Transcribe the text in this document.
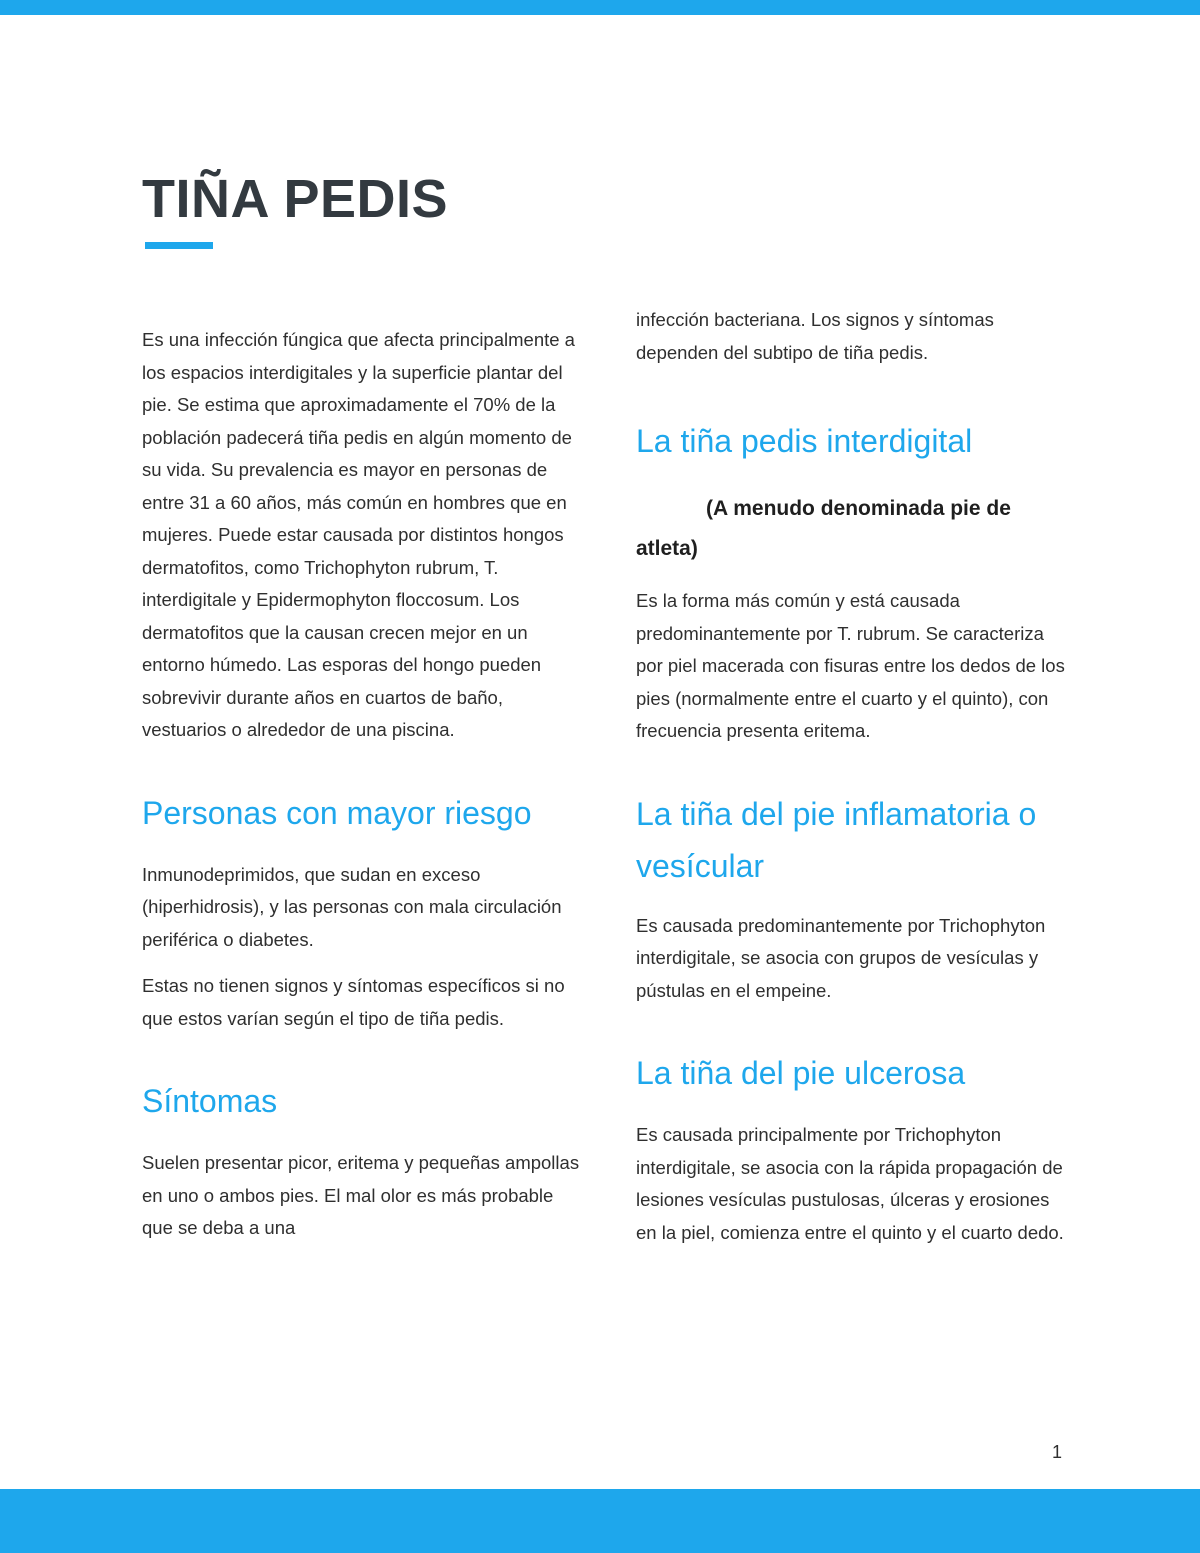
TIÑA PEDIS

Es una infección fúngica que afecta principalmente a los espacios interdigitales y la superficie plantar del pie. Se estima que aproximadamente el 70% de la población padecerá tiña pedis en algún momento de su vida. Su prevalencia es mayor en personas de entre 31 a 60 años, más común en hombres que en mujeres. Puede estar causada por distintos hongos dermatofitos, como Trichophyton rubrum, T. interdigitale y Epidermophyton floccosum. Los dermatofitos que la causan crecen mejor en un entorno húmedo. Las esporas del hongo pueden sobrevivir durante años en cuartos de baño, vestuarios o alrededor de una piscina.

Personas con mayor riesgo

Inmunodeprimidos, que sudan en exceso (hiperhidrosis), y las personas con mala circulación periférica o diabetes.

Estas no tienen signos y síntomas específicos si no que estos varían según el tipo de tiña pedis.

Síntomas

Suelen presentar picor, eritema y pequeñas ampollas en uno o ambos pies. El mal olor es más probable que se deba a una

infección bacteriana. Los signos y síntomas dependen del subtipo de tiña pedis.

La tiña pedis interdigital
(A menudo denominada pie de atleta)

Es la forma más común y está causada predominantemente por T. rubrum. Se caracteriza por piel macerada con fisuras entre los dedos de los pies (normalmente entre el cuarto y el quinto), con frecuencia presenta eritema.

La tiña del pie inflamatoria o vesícular

Es causada predominantemente por Trichophyton interdigitale, se asocia con grupos de vesículas y pústulas en el empeine.

La tiña del pie ulcerosa

Es causada principalmente por Trichophyton interdigitale, se asocia con la rápida propagación de lesiones vesículas pustulosas, úlceras y erosiones en la piel, comienza entre el quinto y el cuarto dedo.

1
